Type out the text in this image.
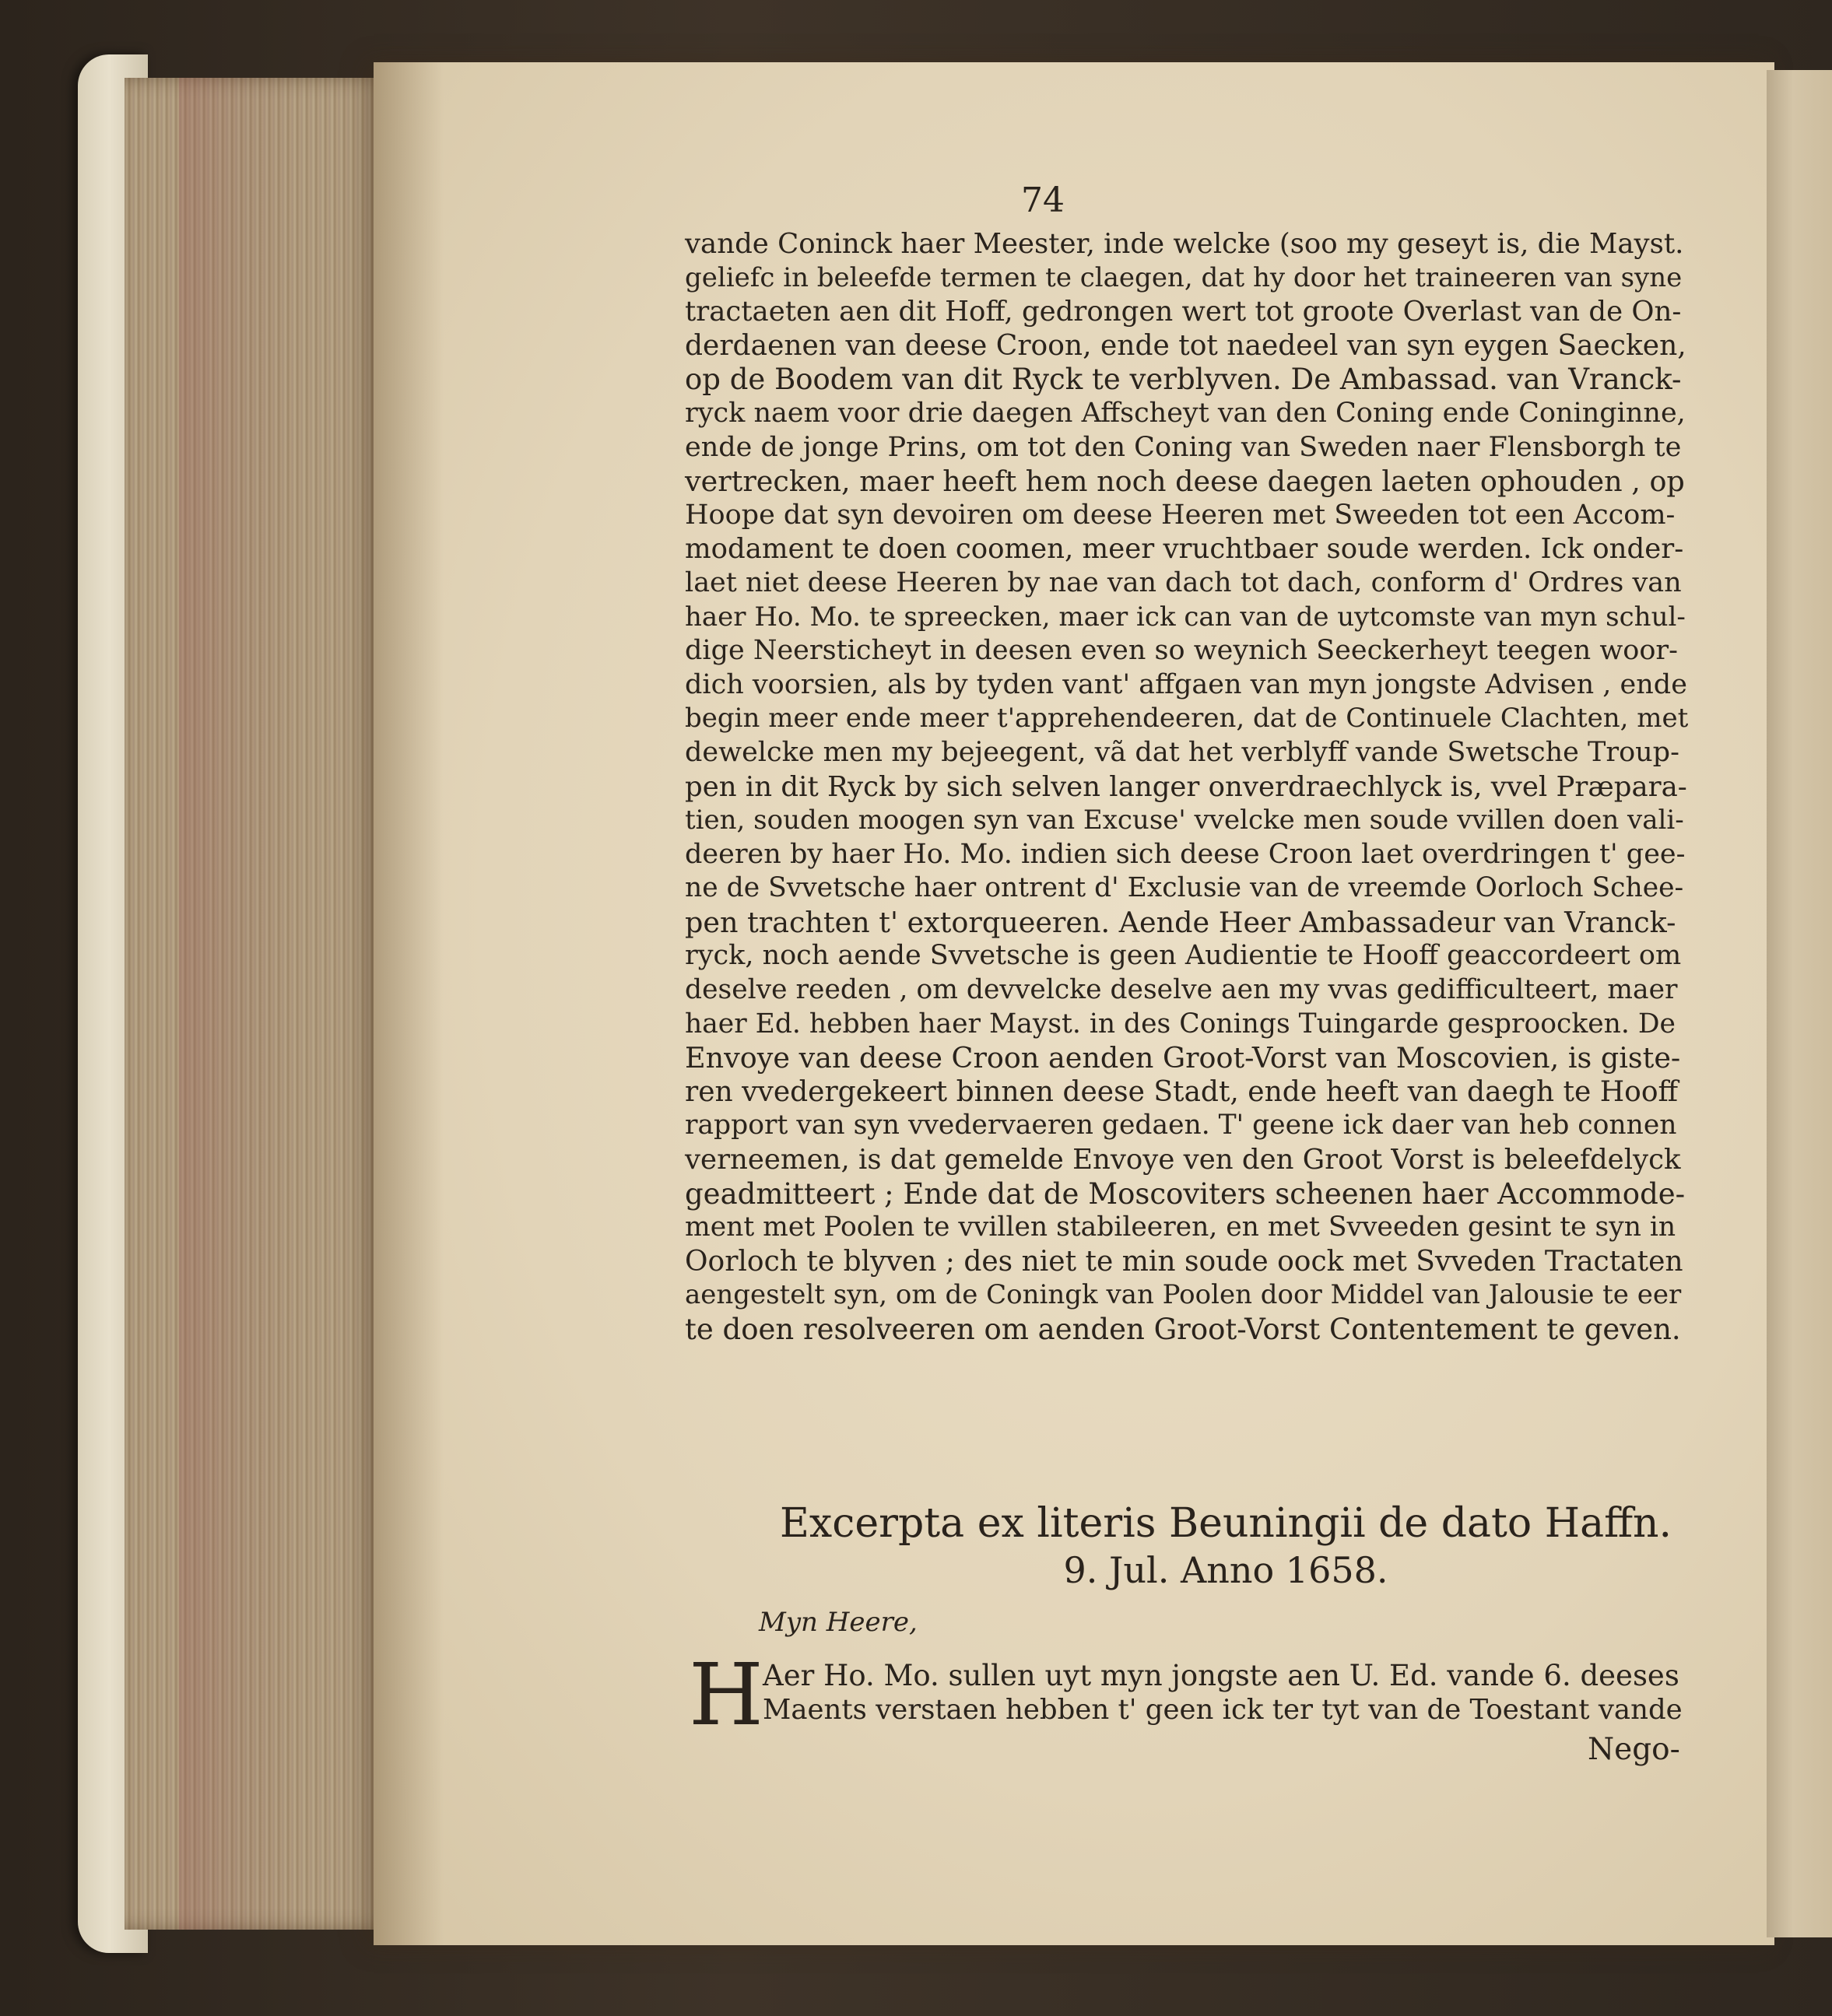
74
vande Coninck haer Meester, inde welcke (soo my geseyt is, die Mayst.
geliefc in beleefde termen te claegen, dat hy door het traineeren van syne
tractaeten aen dit Hoff, gedrongen wert tot groote Overlast van de On-
derdaenen van deese Croon, ende tot naedeel van syn eygen Saecken,
op de Boodem van dit Ryck te verblyven. De Ambassad. van Vranck-
ryck naem voor drie daegen Affscheyt van den Coning ende Coninginne,
ende de jonge Prins, om tot den Coning van Sweden naer Flensborgh te
vertrecken, maer heeft hem noch deese daegen laeten ophouden , op
Hoope dat syn devoiren om deese Heeren met Sweeden tot een Accom-
modament te doen coomen, meer vruchtbaer soude werden. Ick onder-
laet niet deese Heeren by nae van dach tot dach, conform d' Ordres van
haer Ho. Mo. te spreecken, maer ick can van de uytcomste van myn schul-
dige Neersticheyt in deesen even so weynich Seeckerheyt teegen woor-
dich voorsien, als by tyden vant' affgaen van myn jongste Advisen , ende
begin meer ende meer t'apprehendeeren, dat de Continuele Clachten, met
dewelcke men my bejeegent, vã dat het verblyff vande Swetsche Troup-
pen in dit Ryck by sich selven langer onverdraechlyck is, vvel Præpara-
tien, souden moogen syn van Excuse' vvelcke men soude vvillen doen vali-
deeren by haer Ho. Mo. indien sich deese Croon laet overdringen t' gee-
ne de Svvetsche haer ontrent d' Exclusie van de vreemde Oorloch Schee-
pen trachten t' extorqueeren. Aende Heer Ambassadeur van Vranck-
ryck, noch aende Svvetsche is geen Audientie te Hooff geaccordeert om
deselve reeden , om devvelcke deselve aen my vvas gedifficulteert, maer
haer Ed. hebben haer Mayst. in des Conings Tuingarde gesproocken. De
Envoye van deese Croon aenden Groot-Vorst van Moscovien, is giste-
ren vvedergekeert binnen deese Stadt, ende heeft van daegh te Hooff
rapport van syn vvedervaeren gedaen. T' geene ick daer van heb connen
verneemen, is dat gemelde Envoye ven den Groot Vorst is beleefdelyck
geadmitteert ; Ende dat de Moscoviters scheenen haer Accommode-
ment met Poolen te vvillen stabileeren, en met Svveeden gesint te syn in
Oorloch te blyven ; des niet te min soude oock met Svveden Tractaten
aengestelt syn, om de Coningk van Poolen door Middel van Jalousie te eer
te doen resolveeren om aenden Groot-Vorst Contentement te geven.
Excerpta ex literis Beuningii de dato Haffn.
9. Jul. Anno 1658.
Myn Heere,
H Aer Ho. Mo. sullen uyt myn jongste aen U. Ed. vande 6. deeses
Maents verstaen hebben t' geen ick ter tyt van de Toestant vande
Nego-
